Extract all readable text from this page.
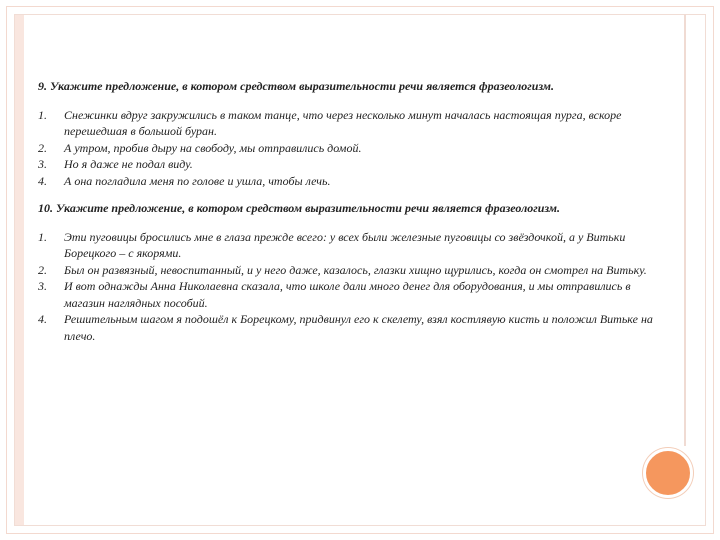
9. Укажите предложение, в котором средством выразительности речи является фразеологизм.

1.	Снежинки вдруг закружились в таком танце, что через несколько минут началась настоящая пурга, вскоре перешедшая в большой буран.
2.	А утром, пробив дыру на свободу, мы отправились домой.
3.	Но я даже не подал виду.
4.	А она погладила меня по голове и ушла, чтобы лечь.

10. Укажите предложение, в котором средством выразительности речи является фразеологизм.

1.	Эти пуговицы бросились мне в глаза прежде всего: у всех были железные пуговицы со звёздочкой, а у Витьки Борецкого – с якорями.
2.	Был он развязный, невоспитанный, и у него даже, казалось, глазки хищно щурились, когда он смотрел на Витьку.
3.	И вот однажды Анна Николаевна сказала, что школе дали много денег для оборудования, и мы отправились в магазин наглядных пособий.
4.	Решительным шагом я подошёл к Борецкому, придвинул его к скелету, взял костлявую кисть и положил Витьке на плечо.
